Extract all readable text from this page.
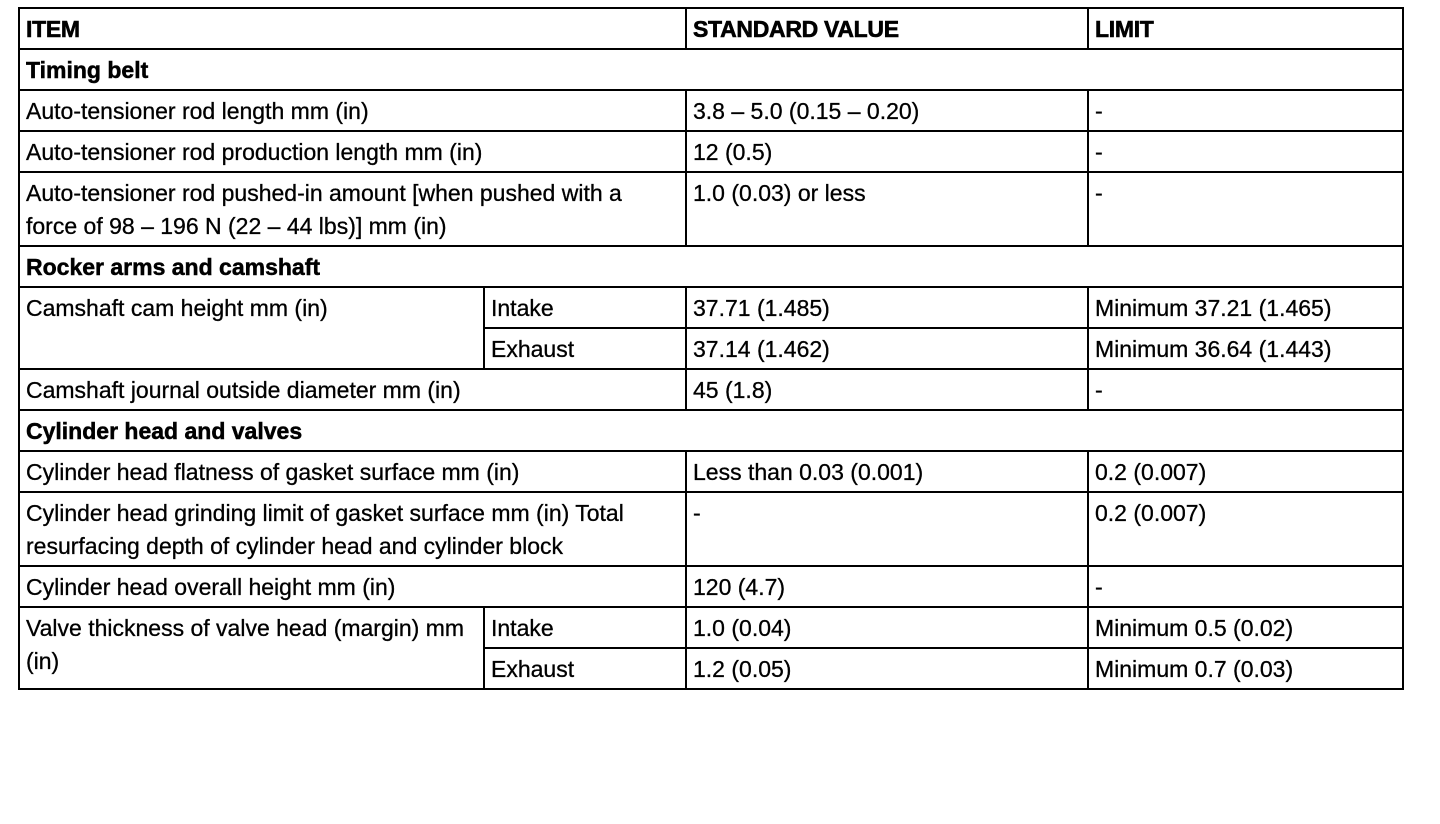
ITEM		STANDARD VALUE	LIMIT
Timing belt			
Auto-tensioner rod length mm (in)		3.8 – 5.0 (0.15 – 0.20)	-
Auto-tensioner rod production length mm (in)		12 (0.5)	-
Auto-tensioner rod pushed-in amount [when pushed with a force of 98 – 196 N (22 – 44 lbs)] mm (in)		1.0 (0.03) or less	-
Rocker arms and camshaft			
Camshaft cam height mm (in)	Intake	37.71 (1.485)	Minimum 37.21 (1.465)
	Exhaust	37.14 (1.462)	Minimum 36.64 (1.443)
Camshaft journal outside diameter mm (in)		45 (1.8)	-
Cylinder head and valves			
Cylinder head flatness of gasket surface mm (in)		Less than 0.03 (0.001)	0.2 (0.007)
Cylinder head grinding limit of gasket surface mm (in) Total resurfacing depth of cylinder head and cylinder block		-	0.2 (0.007)
Cylinder head overall height mm (in)		120 (4.7)	-
Valve thickness of valve head (margin) mm (in)	Intake	1.0 (0.04)	Minimum 0.5 (0.02)
	Exhaust	1.2 (0.05)	Minimum 0.7 (0.03)
